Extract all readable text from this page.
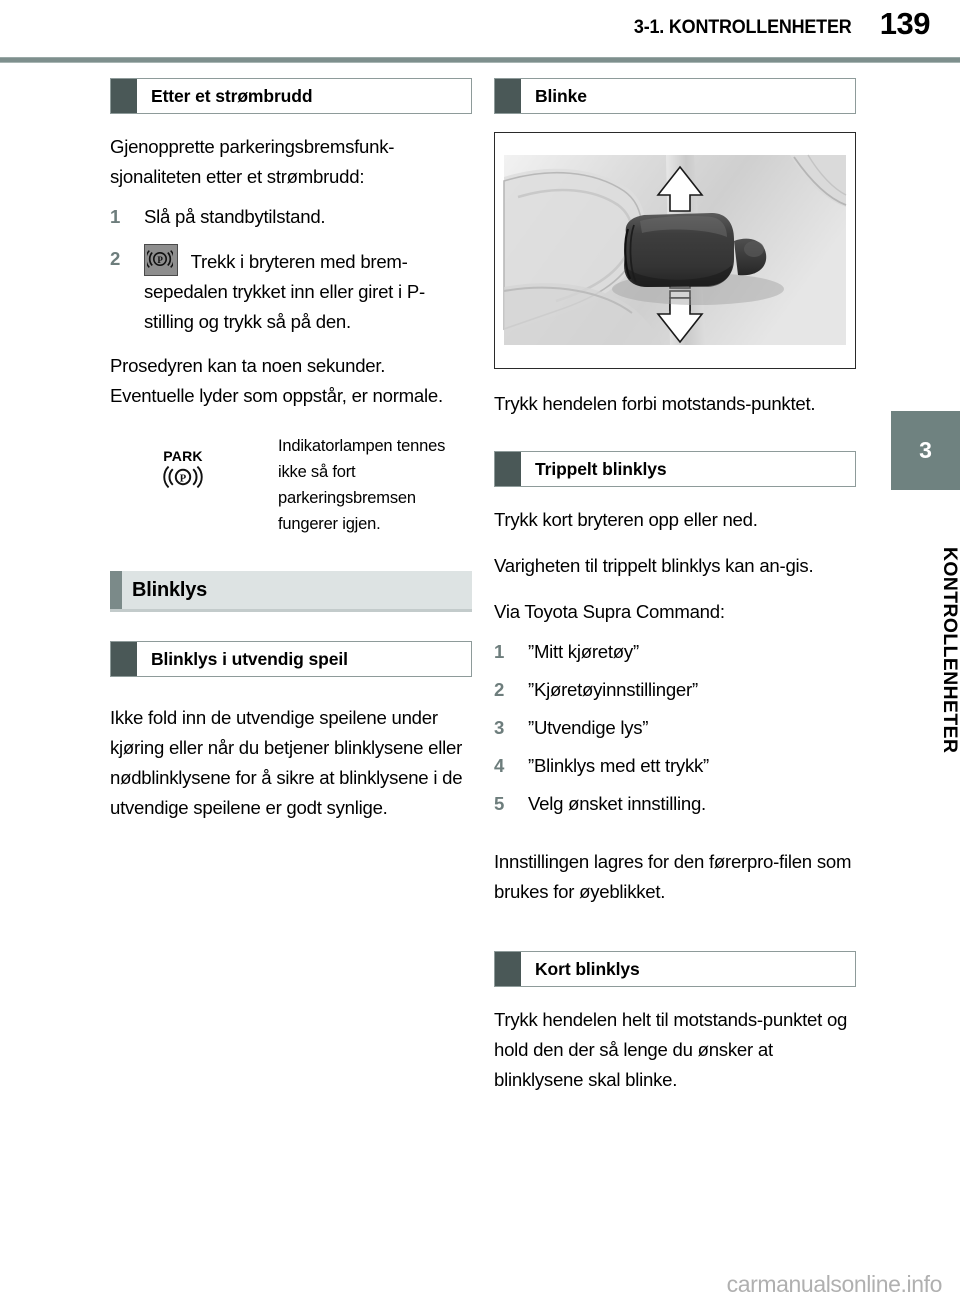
3-1. KONTROLLENHETER 139
Etter et strømbrudd

Gjenopprette parkeringsbremsfunk-sjonaliteten etter et strømbrudd:

1	Slå på standbytilstand.
2	P Trekk i bryteren med brem-sepedalen trykket inn eller giret i P-stilling og trykk så på den.

Prosedyren kan ta noen sekunder. Eventuelle lyder som oppstår, er normale.

PARK
P
Indikatorlampen tennes
ikke så fort
parkeringsbremsen
fungerer igjen.
Blinklys
Blinklys i utvendig speil

Ikke fold inn de utvendige speilene under kjøring eller når du betjener blinklysene eller nødblinklysene for å sikre at blinklysene i de utvendige speilene er godt synlige.

Blinke

Trykk hendelen forbi motstands-punktet.

Trippelt blinklys

Trykk kort bryteren opp eller ned.

Varigheten til trippelt blinklys kan an-gis.

Via Toyota Supra Command:

1	”Mitt kjøretøy”
2	”Kjøretøyinnstillinger”
3	”Utvendige lys”
4	”Blinklys med ett trykk”
5	Velg ønsket innstilling.

Innstillingen lagres for den førerpro-filen som brukes for øyeblikket.

Kort blinklys

Trykk hendelen helt til motstands-punktet og hold den der så lenge du ønsker at blinklysene skal blinke.

3
KONTROLLENHETER
carmanualsonline.info
